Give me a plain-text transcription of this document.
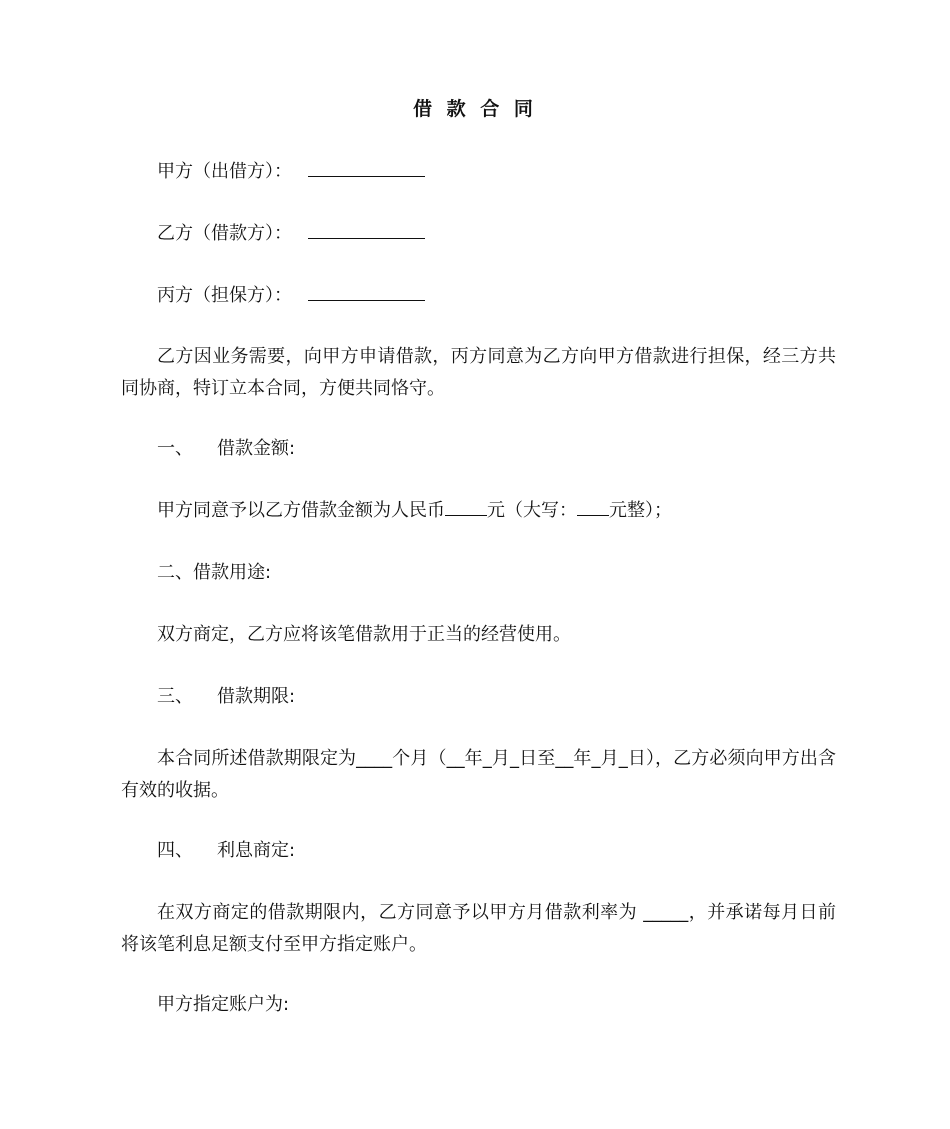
借 款 合 同
甲方（出借方）：
乙方（借款方）：
丙方（担保方）：
乙方因业务需要，向甲方申请借款，丙方同意为乙方向甲方借款进行担保，经三方共同协商，特订立本合同，方便共同恪守。
一、 借款金额:
甲方同意予以乙方借款金额为人民币 元（大写： 元整）；
二、借款用途:
双方商定，乙方应将该笔借款用于正当的经营使用。
三、 借款期限:
本合同所述借款期限定为____个月（__年_月_日至__年_月_日），乙方必须向甲方出含有效的收据。
四、 利息商定:
在双方商定的借款期限内，乙方同意予以甲方月借款利率为 _____，并承诺每月日前将该笔利息足额支付至甲方指定账户。
甲方指定账户为:
